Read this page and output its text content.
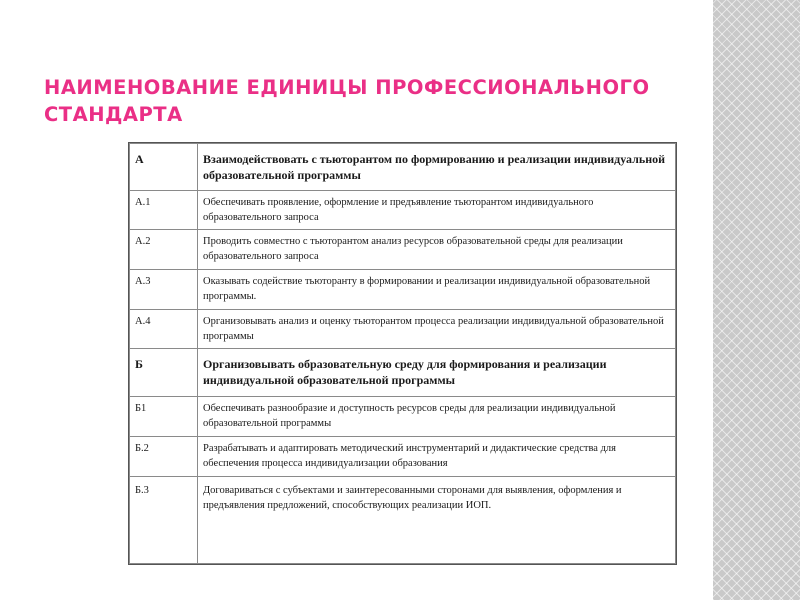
НАИМЕНОВАНИЕ ЕДИНИЦЫ ПРОФЕССИОНАЛЬНОГО СТАНДАРТА
А	Взаимодействовать с тьюторантом по формированию и реализации индивидуальной образовательной программы
А.1	Обеспечивать проявление, оформление и предъявление тьюторантом индивидуального образовательного запроса
А.2	Проводить совместно с тьюторантом анализ ресурсов образовательной среды для реализации образовательного запроса
А.3	Оказывать содействие тьюторанту в формировании и реализации индивидуальной образовательной программы.
А.4	Организовывать анализ и оценку тьюторантом процесса реализации индивидуальной образовательной программы
Б	Организовывать образовательную среду для формирования и реализации индивидуальной образовательной программы
Б1	Обеспечивать разнообразие и доступность ресурсов среды для реализации индивидуальной образовательной программы
Б.2	Разрабатывать и адаптировать методический инструментарий и дидактические средства для обеспечения процесса индивидуализации образования
Б.3	Договариваться с субъектами и заинтересованными сторонами для выявления, оформления и предъявления предложений, способствующих реализации ИОП.
